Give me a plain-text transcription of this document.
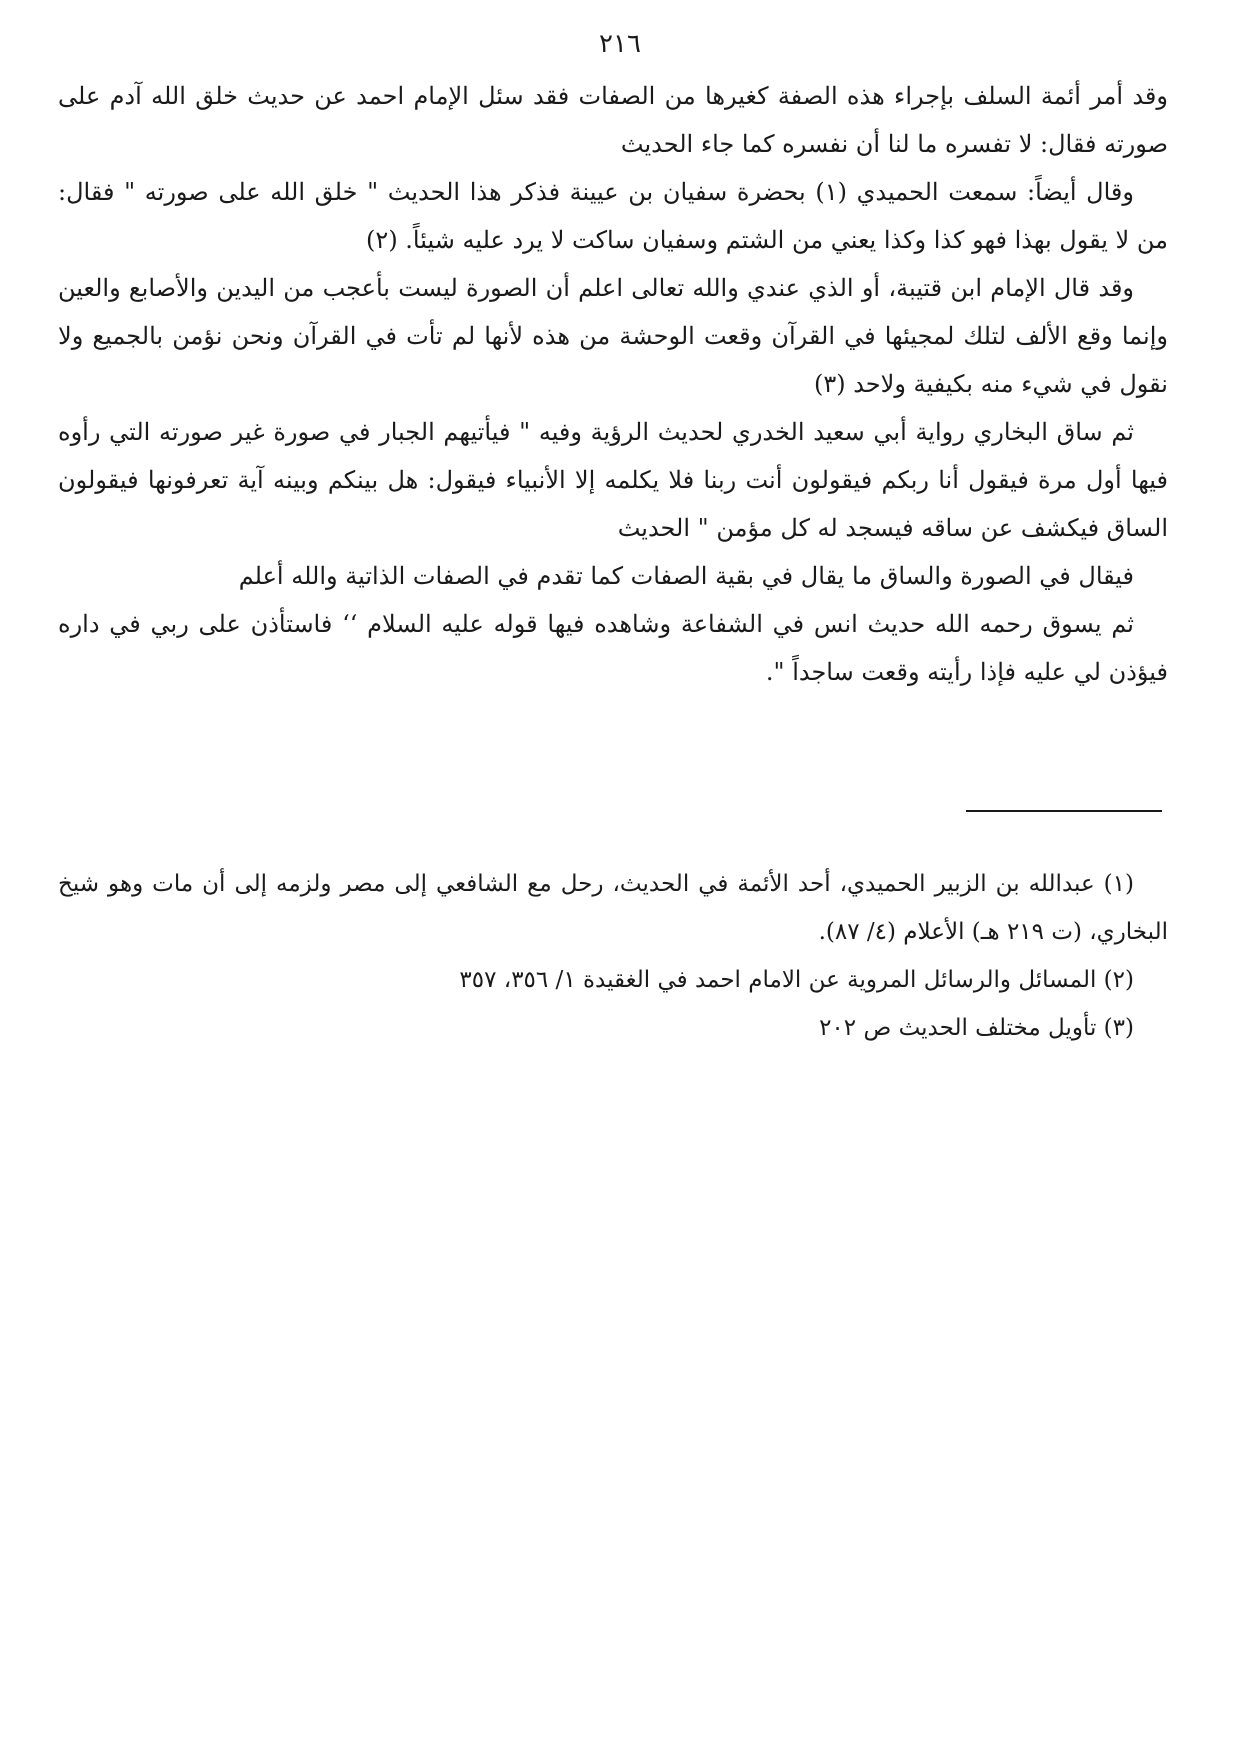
٢١٦

وقد أمر أئمة السلف بإجراء هذه الصفة كغيرها من الصفات فقد سئل الإمام احمد عن حديث خلق الله آدم على صورته فقال: لا تفسره ما لنا أن نفسره كما جاء الحديث

وقال أيضاً: سمعت الحميدي (١) بحضرة سفيان بن عيينة فذكر هذا الحديث " خلق الله على صورته " فقال: من لا يقول بهذا فهو كذا وكذا يعني من الشتم وسفيان ساكت لا يرد عليه شيئاً. (٢)

وقد قال الإمام ابن قتيبة، أو الذي عندي والله تعالى اعلم أن الصورة ليست بأعجب من اليدين والأصابع والعين وإنما وقع الألف لتلك لمجيئها في القرآن وقعت الوحشة من هذه لأنها لم تأت في القرآن ونحن نؤمن بالجميع ولا نقول في شيء منه بكيفية ولاحد (٣)

ثم ساق البخاري رواية أبي سعيد الخدري لحديث الرؤية وفيه " فيأتيهم الجبار في صورة غير صورته التي رأوه فيها أول مرة فيقول أنا ربكم فيقولون أنت ربنا فلا يكلمه إلا الأنبياء فيقول: هل بينكم وبينه آية تعرفونها فيقولون الساق فيكشف عن ساقه فيسجد له كل مؤمن " الحديث

فيقال في الصورة والساق ما يقال في بقية الصفات كما تقدم في الصفات الذاتية والله أعلم

ثم يسوق رحمه الله حديث انس في الشفاعة وشاهده فيها قوله عليه السلام ‘‘ فاستأذن على ربي في داره فيؤذن لي عليه فإذا رأيته وقعت ساجداً ".

(١) عبدالله بن الزبير الحميدي، أحد الأئمة في الحديث، رحل مع الشافعي إلى مصر ولزمه إلى أن مات وهو شيخ البخاري، (ت ٢١٩ هـ) الأعلام (٤/ ٨٧).

(٢) المسائل والرسائل المروية عن الامام احمد في الغقيدة ١/ ٣٥٦، ٣٥٧

(٣) تأويل مختلف الحديث ص ٢٠٢
